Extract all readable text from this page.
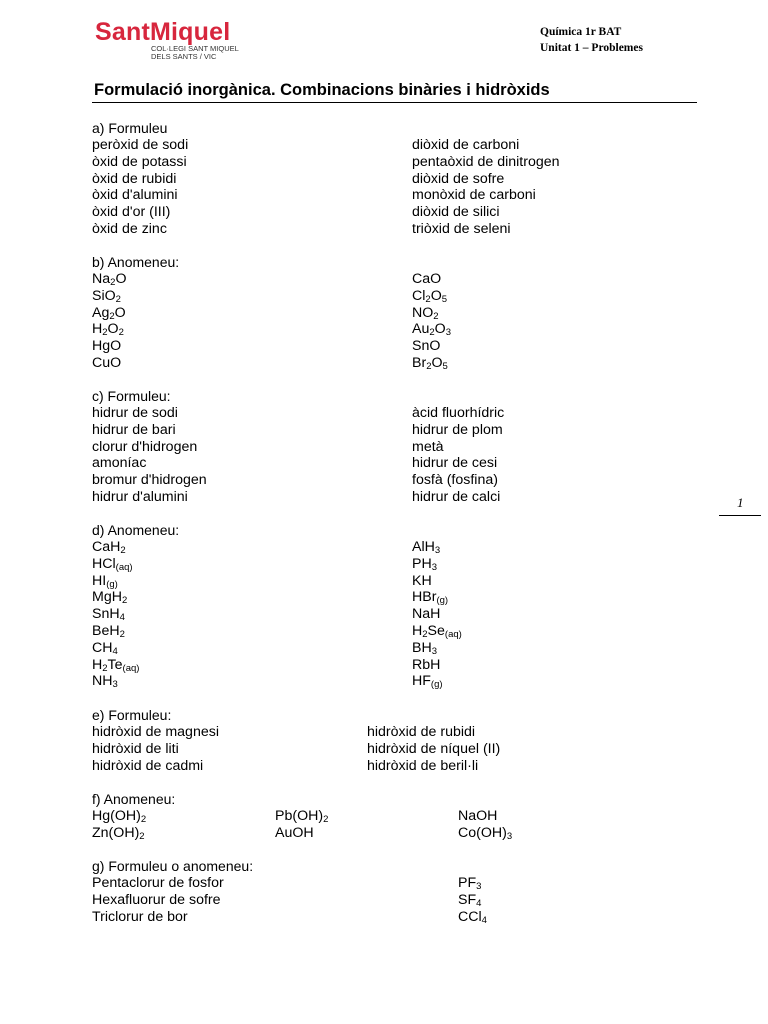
SantMiquel
COL·LEGI SANT MIQUEL
DELS SANTS / VIC
Química 1r BAT
Unitat 1 – Problemes
Formulació inorgànica. Combinacions binàries i hidròxids
1
a) Formuleu
peròxid de sodi
òxid de potassi
òxid de rubidi
òxid d'alumini
òxid d'or (III)
òxid de zinc
diòxid de carboni
pentaòxid de dinitrogen
diòxid de sofre
monòxid de carboni
diòxid de silici
triòxid de seleni
b) Anomeneu:
$Na_2O$
SiO$_2$
$Ag_2O$
$H_2O_2$
HgO
CuO
CaO
$Cl_2O_5$
$NO_2$
$Au_2O_3$
SnO
$Br_2O_5$
c) Formuleu:
hidrur de sodi
hidrur de bari
clorur d'hidrogen
amoníac
bromur d'hidrogen
hidrur d'alumini
àcid fluorhídric
hidrur de plom
metà
hidrur de cesi
fosfà (fosfina)
hidrur de calci
d) Anomeneu:
CaH$_2$
HCl$_{(aq)}$
$HI_{(g)}$
MgH$_2$
SnH$_4$
BeH$_2$
$CH_4$
$H_2Te_{(aq)}$
$NH_3$
AlH$_3$
$PH_3$
KH
HBr$_{(g)}$
NaH
$H_2Se_{(aq)}$
$BH_3$
RbH
$HF_{(g)}$
e) Formuleu:
hidròxid de magnesi
hidròxid de liti
hidròxid de cadmi
hidròxid de rubidi
hidròxid de níquel (II)
hidròxid de beril·li
f) Anomeneu:
$Hg(OH)_2$
$Zn(OH)_2$
$Pb(OH)_2$
AuOH
NaOH
$Co(OH)_3$
g) Formuleu o anomeneu:
Pentaclorur de fosfor
Hexafluorur de sofre
Triclorur de bor
$PF_3$
$SF_4$
CCl$_4$
